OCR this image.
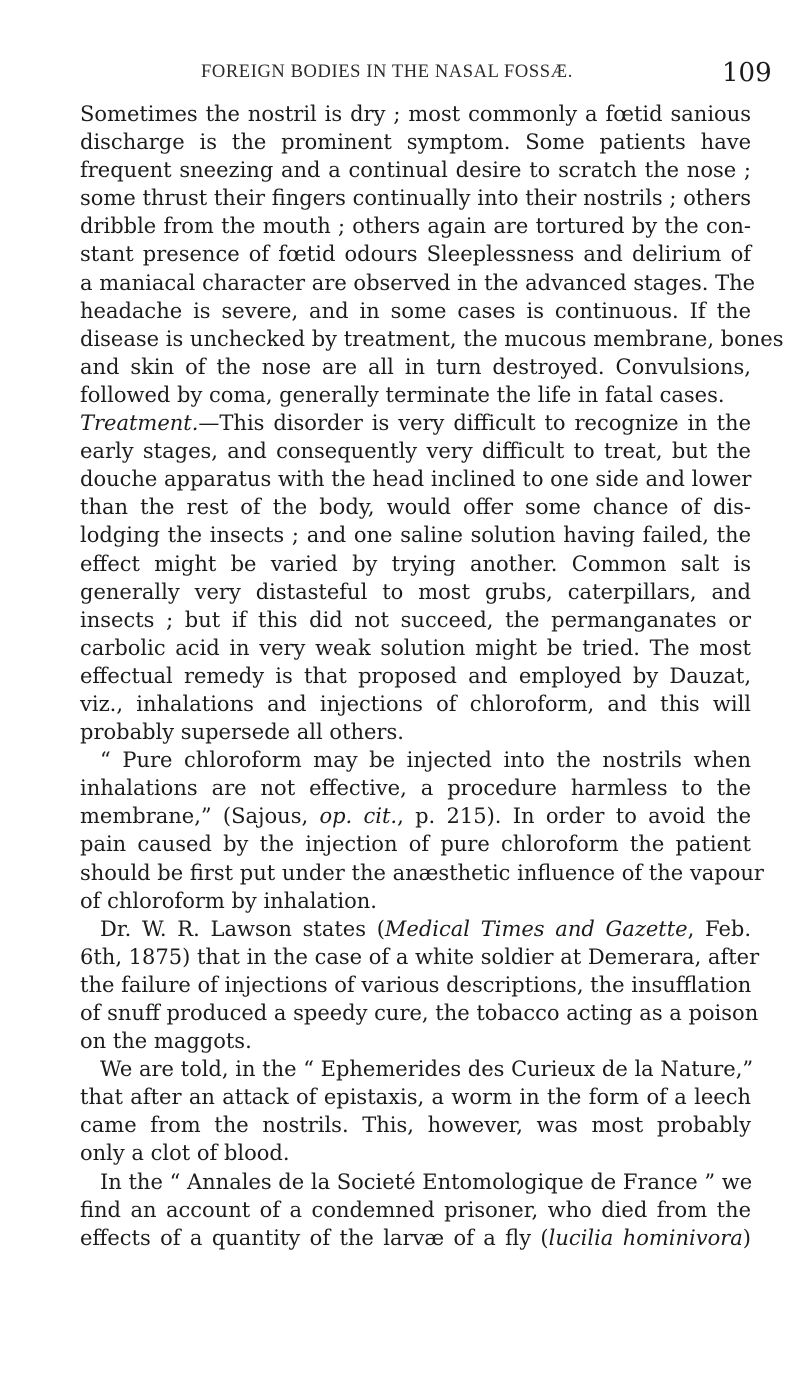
FOREIGN BODIES IN THE NASAL FOSSÆ.	109
Sometimes the nostril is dry ; most commonly a fœtid sanious
discharge is the prominent symptom. Some patients have
frequent sneezing and a continual desire to scratch the nose ;
some thrust their fingers continually into their nostrils ; others
dribble from the mouth ; others again are tortured by the con-
stant presence of fœtid odours Sleeplessness and delirium of
a maniacal character are observed in the advanced stages. The
headache is severe, and in some cases is continuous. If the
disease is unchecked by treatment, the mucous membrane, bones
and skin of the nose are all in turn destroyed. Convulsions,
followed by coma, generally terminate the life in fatal cases.
Treatment.—This disorder is very difficult to recognize in the
early stages, and consequently very difficult to treat, but the
douche apparatus with the head inclined to one side and lower
than the rest of the body, would offer some chance of dis-
lodging the insects ; and one saline solution having failed, the
effect might be varied by trying another. Common salt is
generally very distasteful to most grubs, caterpillars, and
insects ; but if this did not succeed, the permanganates or
carbolic acid in very weak solution might be tried. The most
effectual remedy is that proposed and employed by Dauzat,
viz., inhalations and injections of chloroform, and this will
probably supersede all others.
“ Pure chloroform may be injected into the nostrils when
inhalations are not effective, a procedure harmless to the
membrane,” (Sajous, op. cit., p. 215). In order to avoid the
pain caused by the injection of pure chloroform the patient
should be first put under the anæsthetic influence of the vapour
of chloroform by inhalation.
Dr. W. R. Lawson states (Medical Times and Gazette, Feb.
6th, 1875) that in the case of a white soldier at Demerara, after
the failure of injections of various descriptions, the insufflation
of snuff produced a speedy cure, the tobacco acting as a poison
on the maggots.
We are told, in the “ Ephemerides des Curieux de la Nature,”
that after an attack of epistaxis, a worm in the form of a leech
came from the nostrils. This, however, was most probably
only a clot of blood.
In the “ Annales de la Societé Entomologique de France ” we
find an account of a condemned prisoner, who died from the
effects of a quantity of the larvæ of a fly (lucilia hominivora)
